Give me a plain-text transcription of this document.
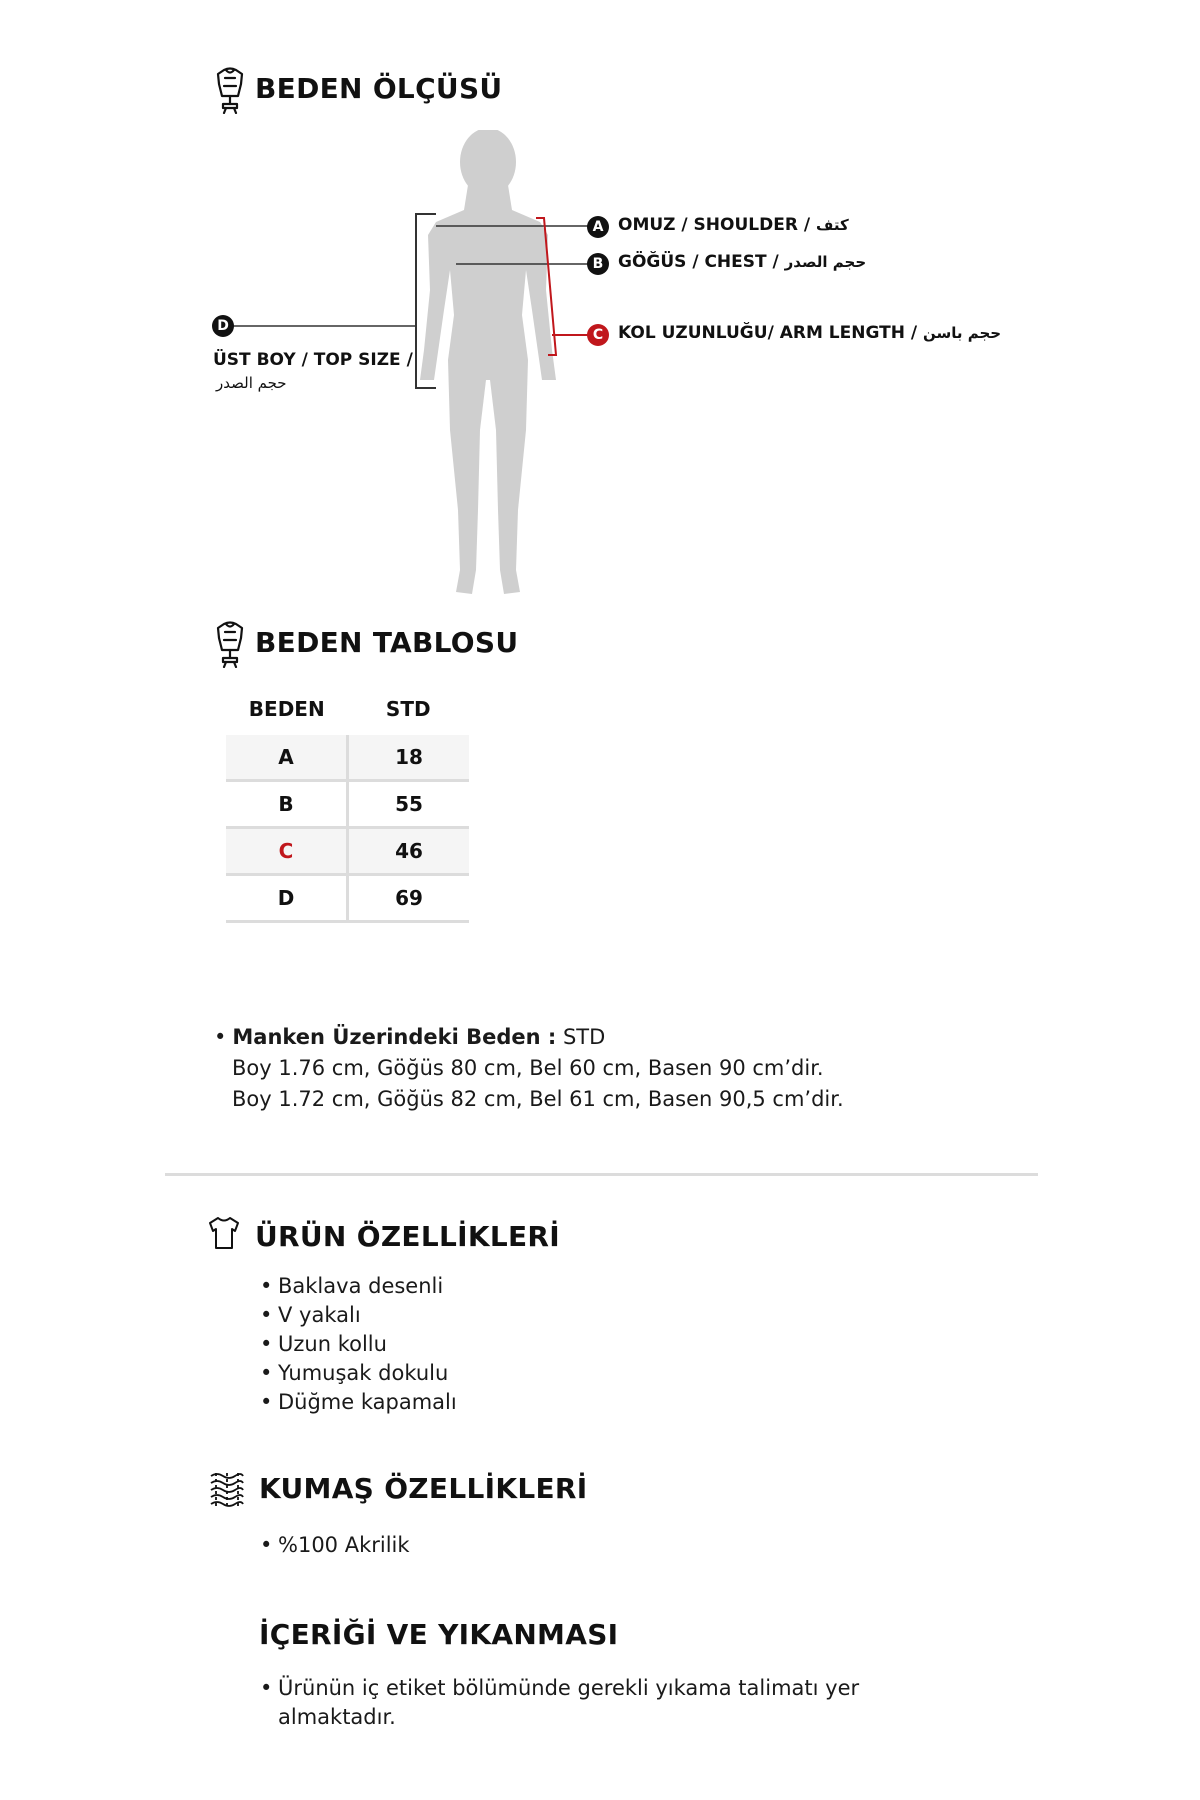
BEDEN ÖLÇÜSÜ
A OMUZ / SHOULDER / كتف
B GÖĞÜS / CHEST / حجم الصدر
C KOL UZUNLUĞU/ ARM LENGTH / حجم باسن
D
ÜST BOY / TOP SIZE /
حجم الصدر
BEDEN TABLOSU
BEDEN	STD
A	18
B	55
C	46
D	69
• Manken Üzerindeki Beden : STD
Boy 1.76 cm, Göğüs 80 cm, Bel 60 cm, Basen 90 cm’dir.
Boy 1.72 cm, Göğüs 82 cm, Bel 61 cm, Basen 90,5 cm’dir.
ÜRÜN ÖZELLİKLERİ
• Baklava desenli
• V yakalı
• Uzun kollu
• Yumuşak dokulu
• Düğme kapamalı
KUMAŞ ÖZELLİKLERİ
• %100 Akrilik
İÇERİĞİ VE YIKANMASI
• Ürünün iç etiket bölümünde gerekli yıkama talimatı yer almaktadır.
